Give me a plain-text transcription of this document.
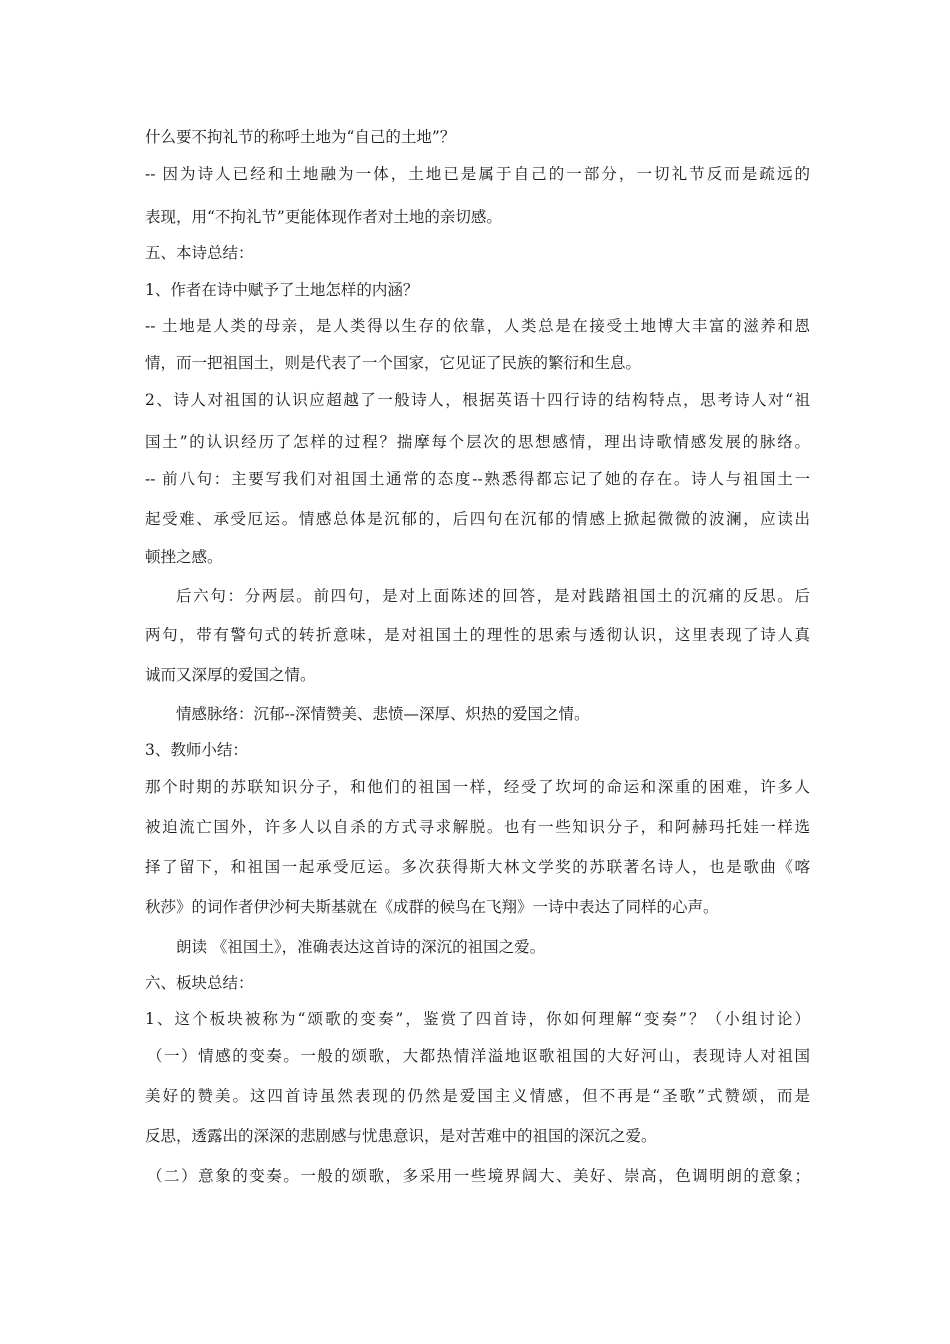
什么要不拘礼节的称呼土地为“自己的土地”？
-- 因为诗人已经和土地融为一体，土地已是属于自己的一部分，一切礼节反而是疏远的
表现，用“不拘礼节”更能体现作者对土地的亲切感。
五、本诗总结：
1、作者在诗中赋予了土地怎样的内涵？
-- 土地是人类的母亲，是人类得以生存的依靠，人类总是在接受土地博大丰富的滋养和恩
情，而一把祖国土，则是代表了一个国家，它见证了民族的繁衍和生息。
2、诗人对祖国的认识应超越了一般诗人，根据英语十四行诗的结构特点，思考诗人对“祖
国土”的认识经历了怎样的过程？揣摩每个层次的思想感情，理出诗歌情感发展的脉络。
-- 前八句：主要写我们对祖国土通常的态度--熟悉得都忘记了她的存在。诗人与祖国土一
起受难、承受厄运。情感总体是沉郁的，后四句在沉郁的情感上掀起微微的波澜，应读出
顿挫之感。
后六句：分两层。前四句，是对上面陈述的回答，是对践踏祖国土的沉痛的反思。后
两句，带有警句式的转折意味，是对祖国土的理性的思索与透彻认识，这里表现了诗人真
诚而又深厚的爱国之情。
情感脉络：沉郁--深情赞美、悲愤—深厚、炽热的爱国之情。
3、教师小结：
那个时期的苏联知识分子，和他们的祖国一样，经受了坎坷的命运和深重的困难，许多人
被迫流亡国外，许多人以自杀的方式寻求解脱。也有一些知识分子，和阿赫玛托娃一样选
择了留下，和祖国一起承受厄运。多次获得斯大林文学奖的苏联著名诗人，也是歌曲《喀
秋莎》的词作者伊沙柯夫斯基就在《成群的候鸟在飞翔》一诗中表达了同样的心声。
朗读 《祖国土》，准确表达这首诗的深沉的祖国之爱。
六、板块总结：
1、这个板块被称为“颂歌的变奏”，鉴赏了四首诗，你如何理解“变奏”？（小组讨论）
（一）情感的变奏。一般的颂歌，大都热情洋溢地讴歌祖国的大好河山，表现诗人对祖国
美好的赞美。这四首诗虽然表现的仍然是爱国主义情感，但不再是“圣歌”式赞颂，而是
反思，透露出的深深的悲剧感与忧患意识，是对苦难中的祖国的深沉之爱。
（二）意象的变奏。一般的颂歌，多采用一些境界阔大、美好、崇高，色调明朗的意象；
